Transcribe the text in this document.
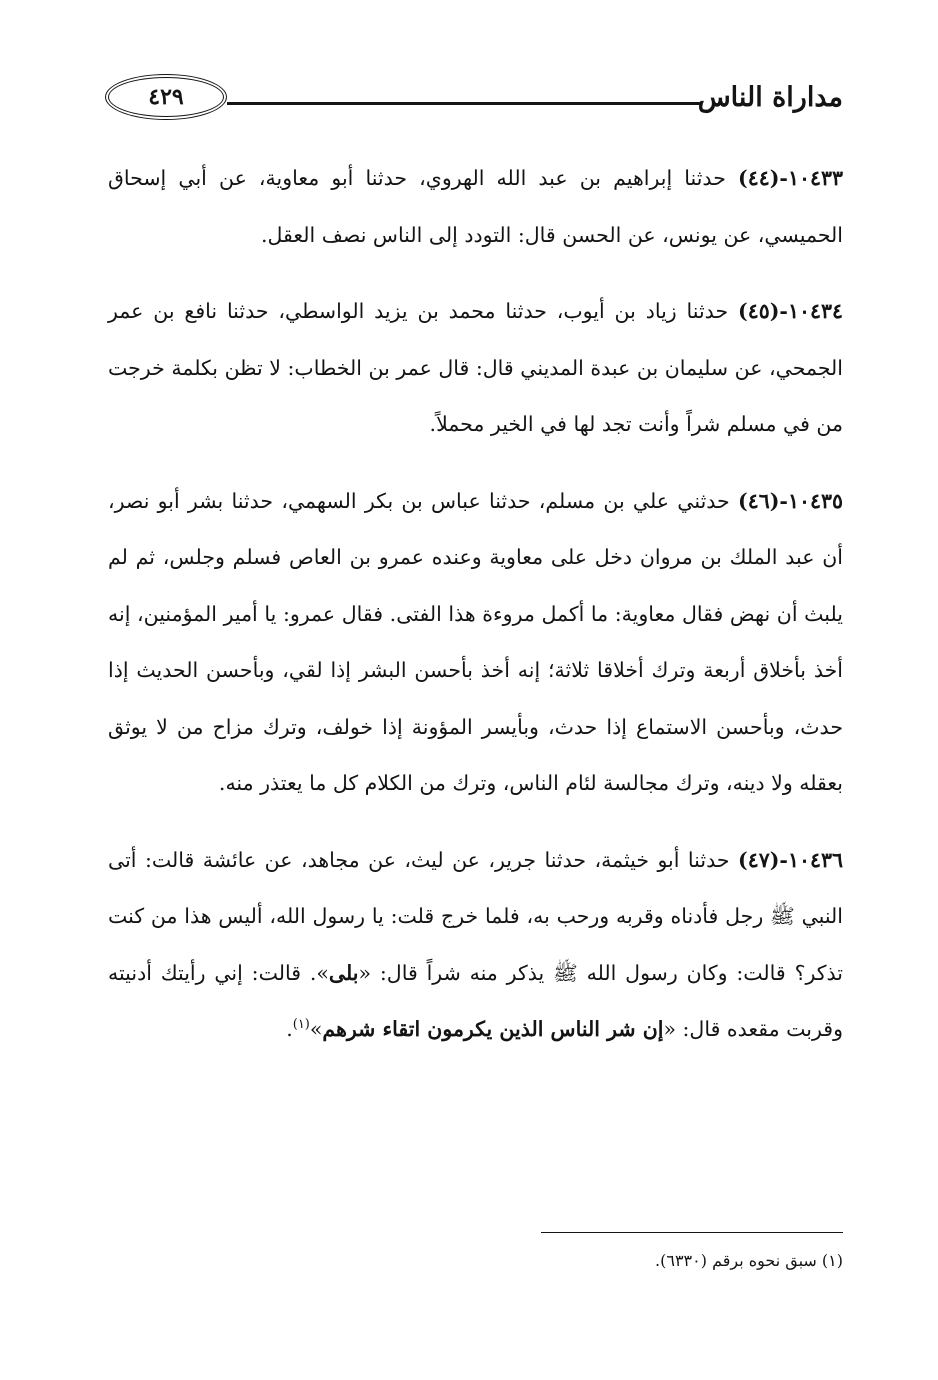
مداراة الناس
٤٢٩

١٠٤٣٣-(٤٤) حدثنا إبراهيم بن عبد الله الهروي، حدثنا أبو معاوية، عن أبي إسحاق الحميسي، عن يونس، عن الحسن قال: التودد إلى الناس نصف العقل.

١٠٤٣٤-(٤٥) حدثنا زياد بن أيوب، حدثنا محمد بن يزيد الواسطي، حدثنا نافع بن عمر الجمحي، عن سليمان بن عبدة المديني قال: قال عمر بن الخطاب: لا تظن بكلمة خرجت من في مسلم شراً وأنت تجد لها في الخير محملاً.

١٠٤٣٥-(٤٦) حدثني علي بن مسلم، حدثنا عباس بن بكر السهمي، حدثنا بشر أبو نصر، أن عبد الملك بن مروان دخل على معاوية وعنده عمرو بن العاص فسلم وجلس، ثم لم يلبث أن نهض فقال معاوية: ما أكمل مروءة هذا الفتى. فقال عمرو: يا أمير المؤمنين، إنه أخذ بأخلاق أربعة وترك أخلاقا ثلاثة؛ إنه أخذ بأحسن البشر إذا لقي، وبأحسن الحديث إذا حدث، وبأحسن الاستماع إذا حدث، وبأيسر المؤونة إذا خولف، وترك مزاح من لا يوثق بعقله ولا دينه، وترك مجالسة لئام الناس، وترك من الكلام كل ما يعتذر منه.

١٠٤٣٦-(٤٧) حدثنا أبو خيثمة، حدثنا جرير، عن ليث، عن مجاهد، عن عائشة قالت: أتى النبي ﷺ رجل فأدناه وقربه ورحب به، فلما خرج قلت: يا رسول الله، أليس هذا من كنت تذكر؟ قالت: وكان رسول الله ﷺ يذكر منه شراً قال: «بلى». قالت: إني رأيتك أدنيته وقربت مقعده قال: «إن شر الناس الذين يكرمون اتقاء شرهم»$^{(١)}$.

(١) سبق نحوه برقم (٦٣٣٠).
